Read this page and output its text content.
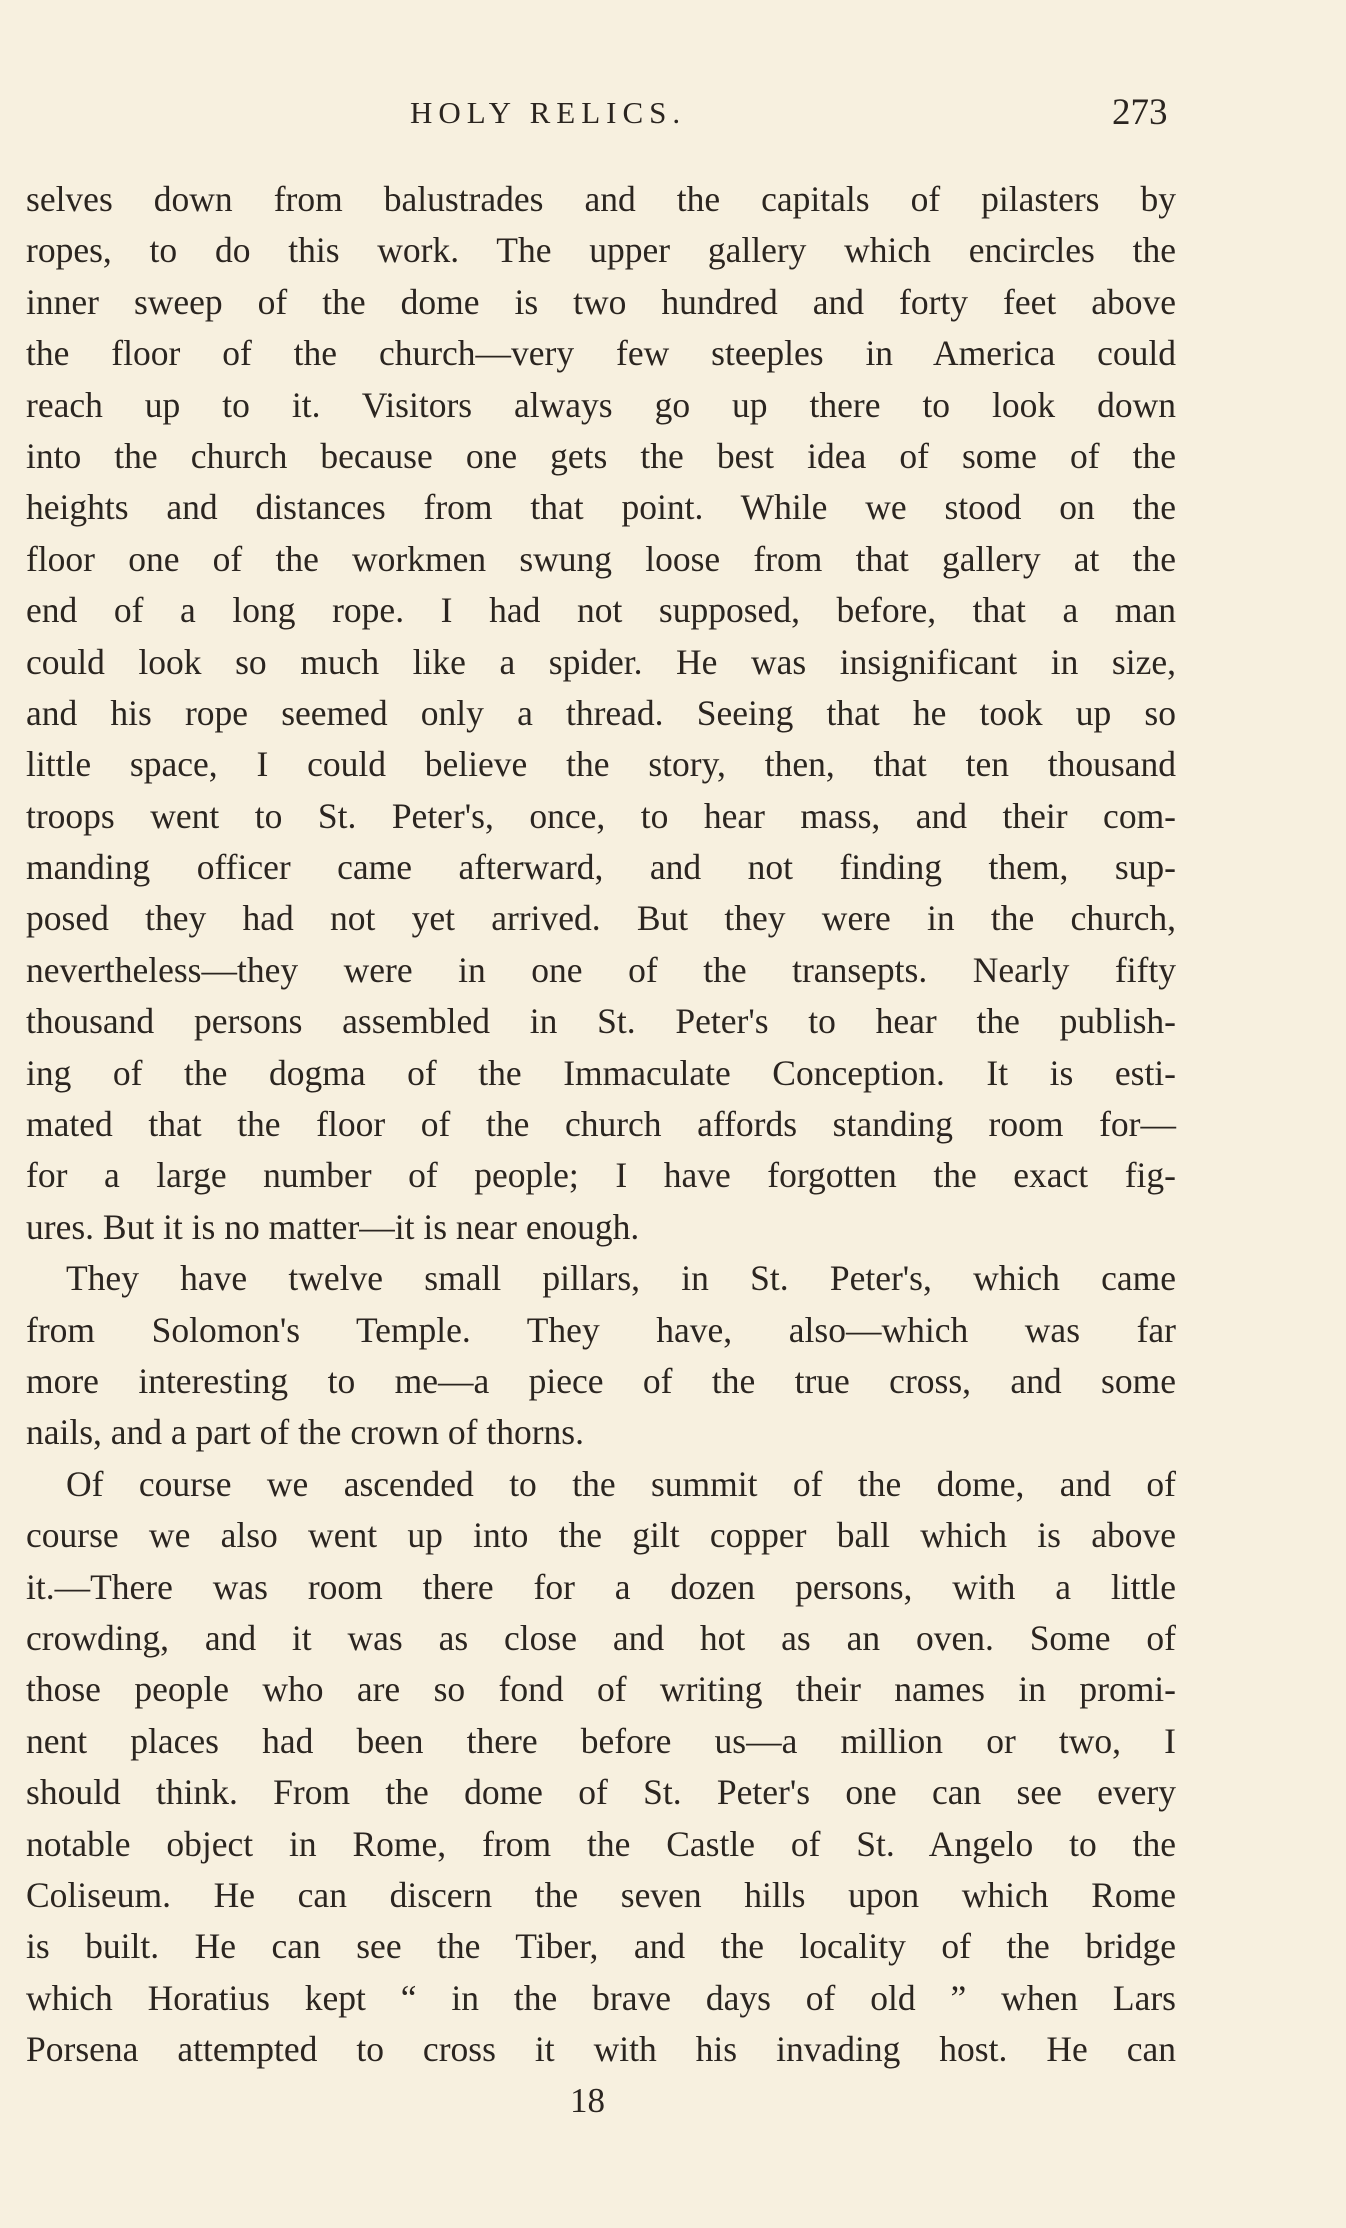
HOLY RELICS.	273
selves down from balustrades and the capitals of pilasters by
ropes, to do this work. The upper gallery which encircles the
inner sweep of the dome is two hundred and forty feet above
the floor of the church—very few steeples in America could
reach up to it. Visitors always go up there to look down
into the church because one gets the best idea of some of the
heights and distances from that point. While we stood on the
floor one of the workmen swung loose from that gallery at the
end of a long rope. I had not supposed, before, that a man
could look so much like a spider. He was insignificant in size,
and his rope seemed only a thread. Seeing that he took up so
little space, I could believe the story, then, that ten thousand
troops went to St. Peter's, once, to hear mass, and their com-
manding officer came afterward, and not finding them, sup-
posed they had not yet arrived. But they were in the church,
nevertheless—they were in one of the transepts. Nearly fifty
thousand persons assembled in St. Peter's to hear the publish-
ing of the dogma of the Immaculate Conception. It is esti-
mated that the floor of the church affords standing room for—
for a large number of people; I have forgotten the exact fig-
ures. But it is no matter—it is near enough.
They have twelve small pillars, in St. Peter's, which came
from Solomon's Temple. They have, also—which was far
more interesting to me—a piece of the true cross, and some
nails, and a part of the crown of thorns.
Of course we ascended to the summit of the dome, and of
course we also went up into the gilt copper ball which is above
it.—There was room there for a dozen persons, with a little
crowding, and it was as close and hot as an oven. Some of
those people who are so fond of writing their names in promi-
nent places had been there before us—a million or two, I
should think. From the dome of St. Peter's one can see every
notable object in Rome, from the Castle of St. Angelo to the
Coliseum. He can discern the seven hills upon which Rome
is built. He can see the Tiber, and the locality of the bridge
which Horatius kept “ in the brave days of old ” when Lars
Porsena attempted to cross it with his invading host. He can
18
